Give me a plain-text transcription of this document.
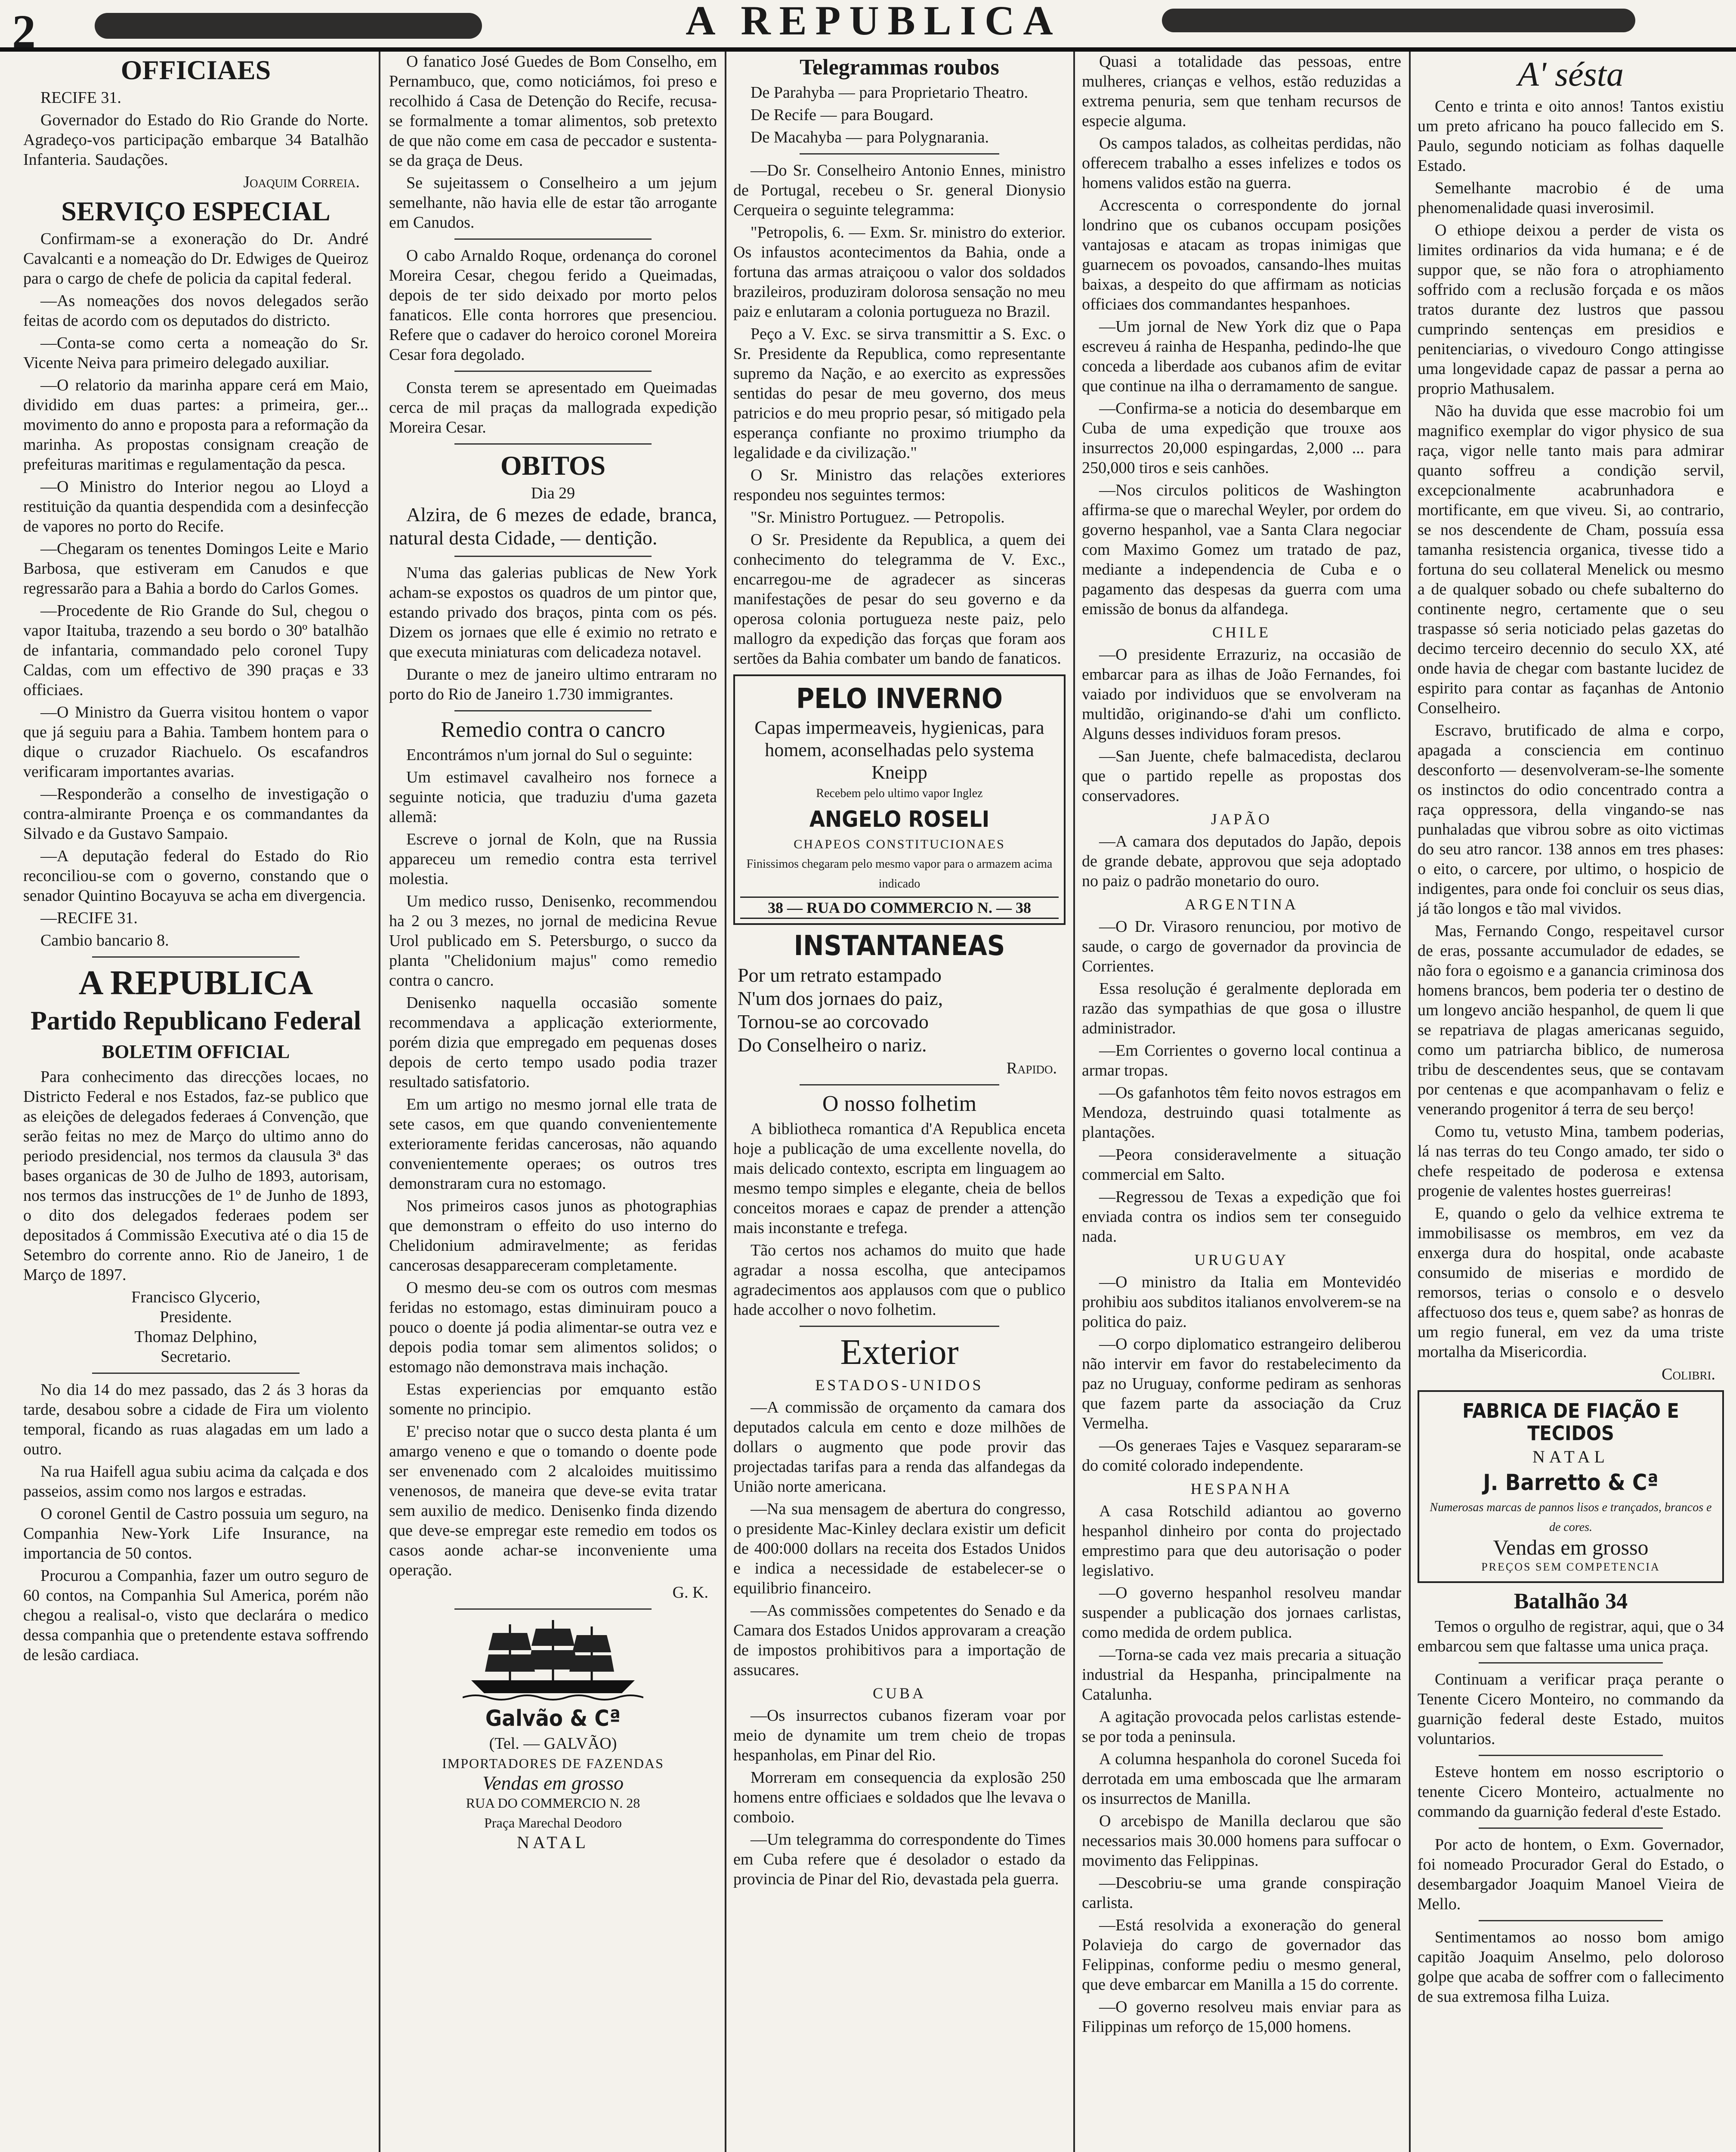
2	A REPUBLICA
OFFICIAES

RECIFE 31.

Governador do Estado do Rio Grande do Norte. Agradeço-vos participação embarque 34 Batalhão Infanteria. Saudações.

Joaquim Correia.
SERVIÇO ESPECIAL

Confirmam-se a exoneração do Dr. André Cavalcanti e a nomeação do Dr. Edwiges de Queiroz para o cargo de chefe de policia da capital federal.

—As nomeações dos novos delegados serão feitas de acordo com os deputados do districto.

—Conta-se como certa a nomeação do Sr. Vicente Neiva para primeiro delegado auxiliar.

—O relatorio da marinha appare cerá em Maio, dividido em duas partes: a primeira, ger... movimento do anno e proposta para a reformação da marinha. As propostas consignam creação de prefeituras maritimas e regulamentação da pesca.

—O Ministro do Interior negou ao Lloyd a restituição da quantia despendida com a desinfecção de vapores no porto do Recife.

—Chegaram os tenentes Domingos Leite e Mario Barbosa, que estiveram em Canudos e que regressarão para a Bahia a bordo do Carlos Gomes.

—Procedente de Rio Grande do Sul, chegou o vapor Itaituba, trazendo a seu bordo o 30º batalhão de infantaria, commandado pelo coronel Tupy Caldas, com um effectivo de 390 praças e 33 officiaes.

—O Ministro da Guerra visitou hontem o vapor que já seguiu para a Bahia. Tambem hontem para o dique o cruzador Riachuelo. Os escafandros verificaram importantes avarias.

—Responderão a conselho de investigação o contra-almirante Proença e os commandantes da Silvado e da Gustavo Sampaio.

—A deputação federal do Estado do Rio reconciliou-se com o governo, constando que o senador Quintino Bocayuva se acha em divergencia.

—RECIFE 31.

Cambio bancario 8.

A REPUBLICA
Partido Republicano Federal
BOLETIM OFFICIAL

Para conhecimento das direcções locaes, no Districto Federal e nos Estados, faz-se publico que as eleições de delegados federaes á Convenção, que serão feitas no mez de Março do ultimo anno do periodo presidencial, nos termos da clausula 3ª das bases organicas de 30 de Julho de 1893, autorisam, nos termos das instrucções de 1º de Junho de 1893, o dito dos delegados federaes podem ser depositados á Commissão Executiva até o dia 15 de Setembro do corrente anno. Rio de Janeiro, 1 de Março de 1897.

Francisco Glycerio,
Presidente.
Thomaz Delphino,
Secretario.

No dia 14 do mez passado, das 2 ás 3 horas da tarde, desabou sobre a cidade de Fira um violento temporal, ficando as ruas alagadas em um lado a outro.

Na rua Haifell agua subiu acima da calçada e dos passeios, assim como nos largos e estradas.

O coronel Gentil de Castro possuia um seguro, na Companhia New-York Life Insurance, na importancia de 50 contos.

Procurou a Companhia, fazer um outro seguro de 60 contos, na Companhia Sul America, porém não chegou a realisal-o, visto que declarára o medico dessa companhia que o pretendente estava soffrendo de lesão cardiaca.

O fanatico José Guedes de Bom Conselho, em Pernambuco, que, como noticiámos, foi preso e recolhido á Casa de Detenção do Recife, recusa-se formalmente a tomar alimentos, sob pretexto de que não come em casa de peccador e sustenta-se da graça de Deus.

Se sujeitassem o Conselheiro a um jejum semelhante, não havia elle de estar tão arrogante em Canudos.

O cabo Arnaldo Roque, ordenança do coronel Moreira Cesar, chegou ferido a Queimadas, depois de ter sido deixado por morto pelos fanaticos. Elle conta horrores que presenciou. Refere que o cadaver do heroico coronel Moreira Cesar fora degolado.

Consta terem se apresentado em Queimadas cerca de mil praças da mallograda expedição Moreira Cesar.

OBITOS
Dia 29

Alzira, de 6 mezes de edade, branca, natural desta Cidade, — dentição.

N'uma das galerias publicas de New York acham-se expostos os quadros de um pintor que, estando privado dos braços, pinta com os pés. Dizem os jornaes que elle é eximio no retrato e que executa miniaturas com delicadeza notavel.

Durante o mez de janeiro ultimo entraram no porto do Rio de Janeiro 1.730 immigrantes.

Remedio contra o cancro

Encontrámos n'um jornal do Sul o seguinte:

Um estimavel cavalheiro nos fornece a seguinte noticia, que traduziu d'uma gazeta allemã:

Escreve o jornal de Koln, que na Russia appareceu um remedio contra esta terrivel molestia.

Um medico russo, Denisenko, recommendou ha 2 ou 3 mezes, no jornal de medicina Revue Urol publicado em S. Petersburgo, o succo da planta "Chelidonium majus" como remedio contra o cancro.

Denisenko naquella occasião somente recommendava a applicação exteriormente, porém dizia que empregado em pequenas doses depois de certo tempo usado podia trazer resultado satisfatorio.

Em um artigo no mesmo jornal elle trata de sete casos, em que quando convenientemente exterioramente feridas cancerosas, não aquando convenientemente operaes; os outros tres demonstraram cura no estomago.

Nos primeiros casos junos as photographias que demonstram o effeito do uso interno do Chelidonium admiravelmente; as feridas cancerosas desappareceram completamente.

O mesmo deu-se com os outros com mesmas feridas no estomago, estas diminuiram pouco a pouco o doente já podia alimentar-se outra vez e depois podia tomar sem alimentos solidos; o estomago não demonstrava mais inchação.

Estas experiencias por emquanto estão somente no principio.

E' preciso notar que o succo desta planta é um amargo veneno e que o tomando o doente pode ser envenenado com 2 alcaloides muitissimo venenosos, de maneira que deve-se evita tratar sem auxilio de medico. Denisenko finda dizendo que deve-se empregar este remedio em todos os casos aonde achar-se inconveniente uma operação.

G. K.
Galvão & Cª
(Tel. — GALVÃO)
IMPORTADORES DE FAZENDAS
Vendas em grosso
RUA DO COMMERCIO N. 28
Praça Marechal Deodoro
NATAL
Telegrammas roubos

De Parahyba — para Proprietario Theatro.

De Recife — para Bougard.

De Macahyba — para Polygnarania.

—Do Sr. Conselheiro Antonio Ennes, ministro de Portugal, recebeu o Sr. general Dionysio Cerqueira o seguinte telegramma:

"Petropolis, 6. — Exm. Sr. ministro do exterior. Os infaustos acontecimentos da Bahia, onde a fortuna das armas atraiçoou o valor dos soldados brazileiros, produziram dolorosa sensação no meu paiz e enlutaram a colonia portugueza no Brazil.

Peço a V. Exc. se sirva transmittir a S. Exc. o Sr. Presidente da Republica, como representante supremo da Nação, e ao exercito as expressões sentidas do pesar de meu governo, dos meus patricios e do meu proprio pesar, só mitigado pela esperança confiante no proximo triumpho da legalidade e da civilização."

O Sr. Ministro das relações exteriores respondeu nos seguintes termos:

"Sr. Ministro Portuguez. — Petropolis.

O Sr. Presidente da Republica, a quem dei conhecimento do telegramma de V. Exc., encarregou-me de agradecer as sinceras manifestações de pesar do seu governo e da operosa colonia portugueza neste paiz, pelo mallogro da expedição das forças que foram aos sertões da Bahia combater um bando de fanaticos.

PELO INVERNO
Capas impermeaveis, hygienicas, para homem, aconselhadas pelo systema Kneipp
Recebem pelo ultimo vapor Inglez
ANGELO ROSELI
CHAPEOS CONSTITUCIONAES
Finissimos chegaram pelo mesmo vapor para o armazem acima indicado
38 — RUA DO COMMERCIO N. — 38
INSTANTANEAS
Por um retrato estampado
N'um dos jornaes do paiz,
Tornou-se ao corcovado
Do Conselheiro o nariz.
Rapido.
O nosso folhetim

A bibliotheca romantica d'A Republica enceta hoje a publicação de uma excellente novella, do mais delicado contexto, escripta em linguagem ao mesmo tempo simples e elegante, cheia de bellos conceitos moraes e capaz de prender a attenção mais inconstante e trefega.

Tão certos nos achamos do muito que hade agradar a nossa escolha, que antecipamos agradecimentos aos applausos com que o publico hade accolher o novo folhetim.

Exterior
ESTADOS-UNIDOS

—A commissão de orçamento da camara dos deputados calcula em cento e doze milhões de dollars o augmento que pode provir das projectadas tarifas para a renda das alfandegas da União norte americana.

—Na sua mensagem de abertura do congresso, o presidente Mac-Kinley declara existir um deficit de 400:000 dollars na receita dos Estados Unidos e indica a necessidade de estabelecer-se o equilibrio financeiro.

—As commissões competentes do Senado e da Camara dos Estados Unidos approvaram a creação de impostos prohibitivos para a importação de assucares.

CUBA

—Os insurrectos cubanos fizeram voar por meio de dynamite um trem cheio de tropas hespanholas, em Pinar del Rio.

Morreram em consequencia da explosão 250 homens entre officiaes e soldados que lhe levava o comboio.

—Um telegramma do correspondente do Times em Cuba refere que é desolador o estado da provincia de Pinar del Rio, devastada pela guerra.

Quasi a totalidade das pessoas, entre mulheres, crianças e velhos, estão reduzidas a extrema penuria, sem que tenham recursos de especie alguma.

Os campos talados, as colheitas perdidas, não offerecem trabalho a esses infelizes e todos os homens validos estão na guerra.

Accrescenta o correspondente do jornal londrino que os cubanos occupam posições vantajosas e atacam as tropas inimigas que guarnecem os povoados, cansando-lhes muitas baixas, a despeito do que affirmam as noticias officiaes dos commandantes hespanhoes.

—Um jornal de New York diz que o Papa escreveu á rainha de Hespanha, pedindo-lhe que conceda a liberdade aos cubanos afim de evitar que continue na ilha o derramamento de sangue.

—Confirma-se a noticia do desembarque em Cuba de uma expedição que trouxe aos insurrectos 20,000 espingardas, 2,000 ... para 250,000 tiros e seis canhões.

—Nos circulos politicos de Washington affirma-se que o marechal Weyler, por ordem do governo hespanhol, vae a Santa Clara negociar com Maximo Gomez um tratado de paz, mediante a independencia de Cuba e o pagamento das despesas da guerra com uma emissão de bonus da alfandega.

CHILE

—O presidente Errazuriz, na occasião de embarcar para as ilhas de João Fernandes, foi vaiado por individuos que se envolveram na multidão, originando-se d'ahi um conflicto. Alguns desses individuos foram presos.

—San Juente, chefe balmacedista, declarou que o partido repelle as propostas dos conservadores.

JAPÃO

—A camara dos deputados do Japão, depois de grande debate, approvou que seja adoptado no paiz o padrão monetario do ouro.

ARGENTINA

—O Dr. Virasoro renunciou, por motivo de saude, o cargo de governador da provincia de Corrientes.

Essa resolução é geralmente deplorada em razão das sympathias de que gosa o illustre administrador.

—Em Corrientes o governo local continua a armar tropas.

—Os gafanhotos têm feito novos estragos em Mendoza, destruindo quasi totalmente as plantações.

—Peora consideravelmente a situação commercial em Salto.

—Regressou de Texas a expedição que foi enviada contra os indios sem ter conseguido nada.

URUGUAY

—O ministro da Italia em Montevidéo prohibiu aos subditos italianos envolverem-se na politica do paiz.

—O corpo diplomatico estrangeiro deliberou não intervir em favor do restabelecimento da paz no Uruguay, conforme pediram as senhoras que fazem parte da associação da Cruz Vermelha.

—Os generaes Tajes e Vasquez separaram-se do comité colorado independente.

HESPANHA

A casa Rotschild adiantou ao governo hespanhol dinheiro por conta do projectado emprestimo para que deu autorisação o poder legislativo.

—O governo hespanhol resolveu mandar suspender a publicação dos jornaes carlistas, como medida de ordem publica.

—Torna-se cada vez mais precaria a situação industrial da Hespanha, principalmente na Catalunha.

A agitação provocada pelos carlistas estende-se por toda a peninsula.

A columna hespanhola do coronel Suceda foi derrotada em uma emboscada que lhe armaram os insurrectos de Manilla.

O arcebispo de Manilla declarou que são necessarios mais 30.000 homens para suffocar o movimento das Felippinas.

—Descobriu-se uma grande conspiração carlista.

—Está resolvida a exoneração do general Polavieja do cargo de governador das Felippinas, conforme pediu o mesmo general, que deve embarcar em Manilla a 15 do corrente.

—O governo resolveu mais enviar para as Filippinas um reforço de 15,000 homens.

A' sésta

Cento e trinta e oito annos! Tantos existiu um preto africano ha pouco fallecido em S. Paulo, segundo noticiam as folhas daquelle Estado.

Semelhante macrobio é de uma phenomenalidade quasi inverosimil.

O ethiope deixou a perder de vista os limites ordinarios da vida humana; e é de suppor que, se não fora o atrophiamento soffrido com a reclusão forçada e os mãos tratos durante dez lustros que passou cumprindo sentenças em presidios e penitenciarias, o vivedouro Congo attingisse uma longevidade capaz de passar a perna ao proprio Mathusalem.

Não ha duvida que esse macrobio foi um magnifico exemplar do vigor physico de sua raça, vigor nelle tanto mais para admirar quanto soffreu a condição servil, excepcionalmente acabrunhadora e mortificante, em que viveu. Si, ao contrario, se nos descendente de Cham, possuía essa tamanha resistencia organica, tivesse tido a fortuna do seu collateral Menelick ou mesmo a de qualquer sobado ou chefe subalterno do continente negro, certamente que o seu traspasse só seria noticiado pelas gazetas do decimo terceiro decennio do seculo XX, até onde havia de chegar com bastante lucidez de espirito para contar as façanhas de Antonio Conselheiro.

Escravo, brutificado de alma e corpo, apagada a consciencia em continuo desconforto — desenvolveram-se-lhe somente os instinctos do odio concentrado contra a raça oppressora, della vingando-se nas punhaladas que vibrou sobre as oito victimas do seu atro rancor. 138 annos em tres phases: o eito, o carcere, por ultimo, o hospicio de indigentes, para onde foi concluir os seus dias, já tão longos e tão mal vividos.

Mas, Fernando Congo, respeitavel cursor de eras, possante accumulador de edades, se não fora o egoismo e a ganancia criminosa dos homens brancos, bem poderia ter o destino de um longevo ancião hespanhol, de quem li que se repatriava de plagas americanas seguido, como um patriarcha biblico, de numerosa tribu de descendentes seus, que se contavam por centenas e que acompanhavam o feliz e venerando progenitor á terra de seu berço!

Como tu, vetusto Mina, tambem poderias, lá nas terras do teu Congo amado, ter sido o chefe respeitado de poderosa e extensa progenie de valentes hostes guerreiras!

E, quando o gelo da velhice extrema te immobilisasse os membros, em vez da enxerga dura do hospital, onde acabaste consumido de miserias e mordido de remorsos, terias o consolo e o desvelo affectuoso dos teus e, quem sabe? as honras de um regio funeral, em vez da uma triste mortalha da Misericordia.

Colibri.
FABRICA DE FIAÇÃO E TECIDOS
NATAL
J. Barretto & Cª
Numerosas marcas de pannos lisos e trançados, brancos e de cores.
Vendas em grosso
PREÇOS SEM COMPETENCIA
Batalhão 34

Temos o orgulho de registrar, aqui, que o 34 embarcou sem que faltasse uma unica praça.

Continuam a verificar praça perante o Tenente Cicero Monteiro, no commando da guarnição federal deste Estado, muitos voluntarios.

Esteve hontem em nosso escriptorio o tenente Cicero Monteiro, actualmente no commando da guarnição federal d'este Estado.

Por acto de hontem, o Exm. Governador, foi nomeado Procurador Geral do Estado, o desembargador Joaquim Manoel Vieira de Mello.

Sentimentamos ao nosso bom amigo capitão Joaquim Anselmo, pelo doloroso golpe que acaba de soffrer com o fallecimento de sua extremosa filha Luiza.
